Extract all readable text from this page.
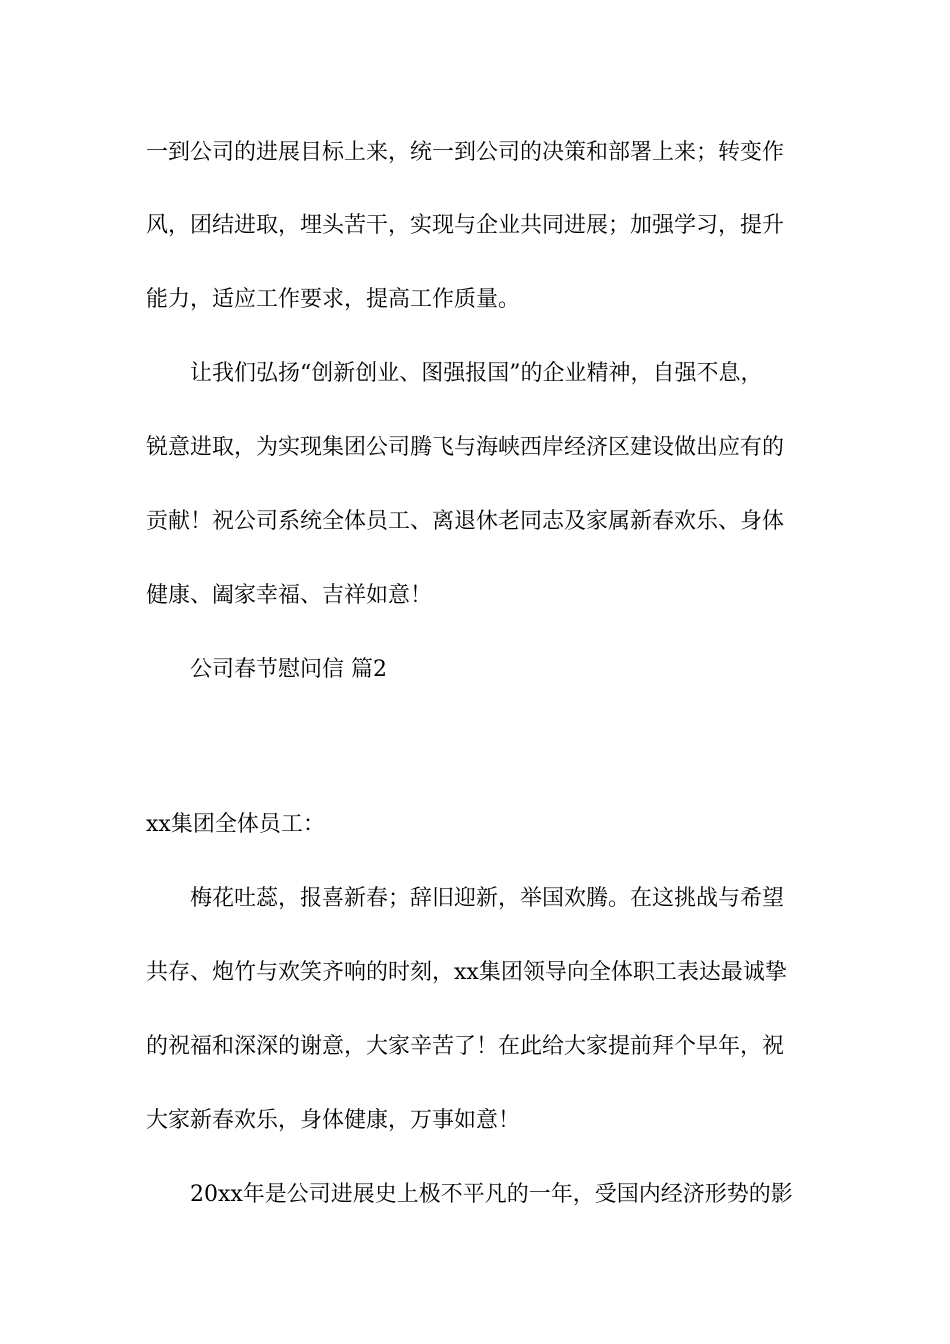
一到公司的进展目标上来，统一到公司的决策和部署上来；转变作
风，团结进取，埋头苦干，实现与企业共同进展；加强学习，提升
能力，适应工作要求，提高工作质量。
让我们弘扬“创新创业、图强报国”的企业精神，自强不息，
锐意进取，为实现集团公司腾飞与海峡西岸经济区建设做出应有的
贡献！祝公司系统全体员工、离退休老同志及家属新春欢乐、身体
健康、阖家幸福、吉祥如意！
公司春节慰问信 篇2
xx集团全体员工：
梅花吐蕊，报喜新春；辞旧迎新，举国欢腾。在这挑战与希望
共存、炮竹与欢笑齐响的时刻，xx集团领导向全体职工表达最诚挚
的祝福和深深的谢意，大家辛苦了！在此给大家提前拜个早年，祝
大家新春欢乐，身体健康，万事如意！
20xx年是公司进展史上极不平凡的一年，受国内经济形势的影
